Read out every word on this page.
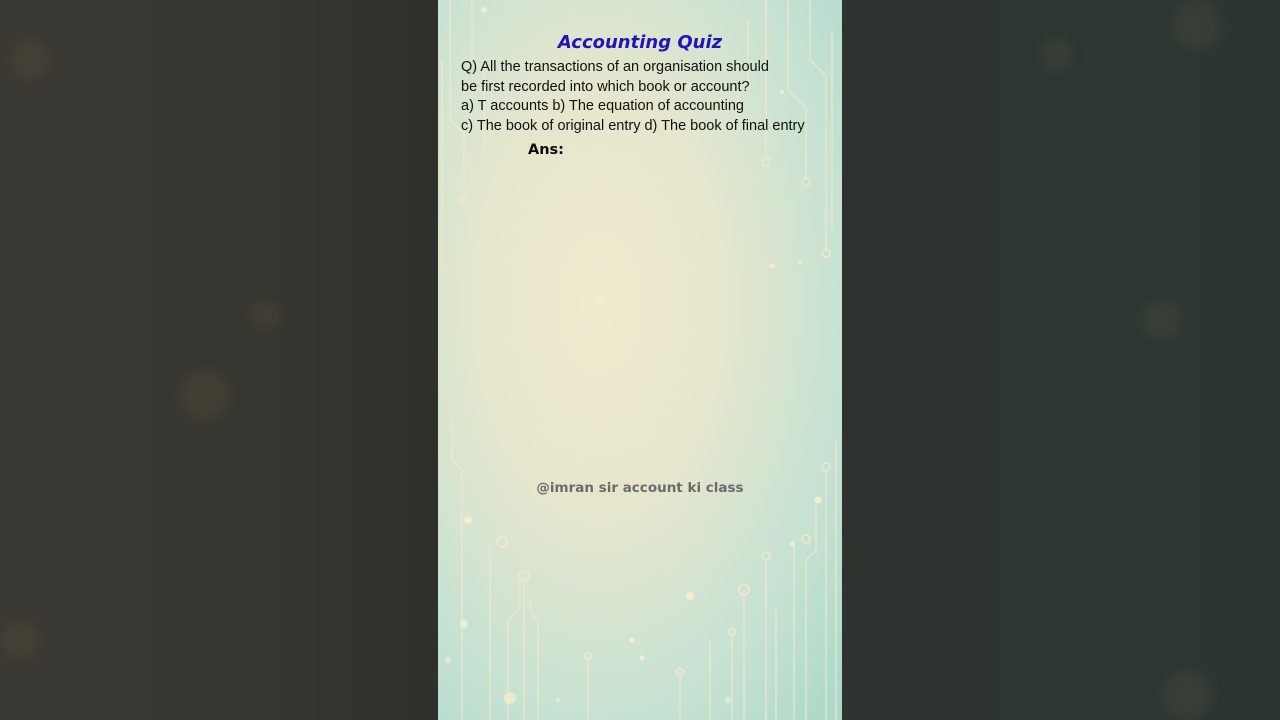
Accounting Quiz
Q) All the transactions of an organisation should
be first recorded into which book or account?
a) T accounts b) The equation of accounting
c) The book of original entry d) The book of final entry
Ans:
@imran sir account ki class
